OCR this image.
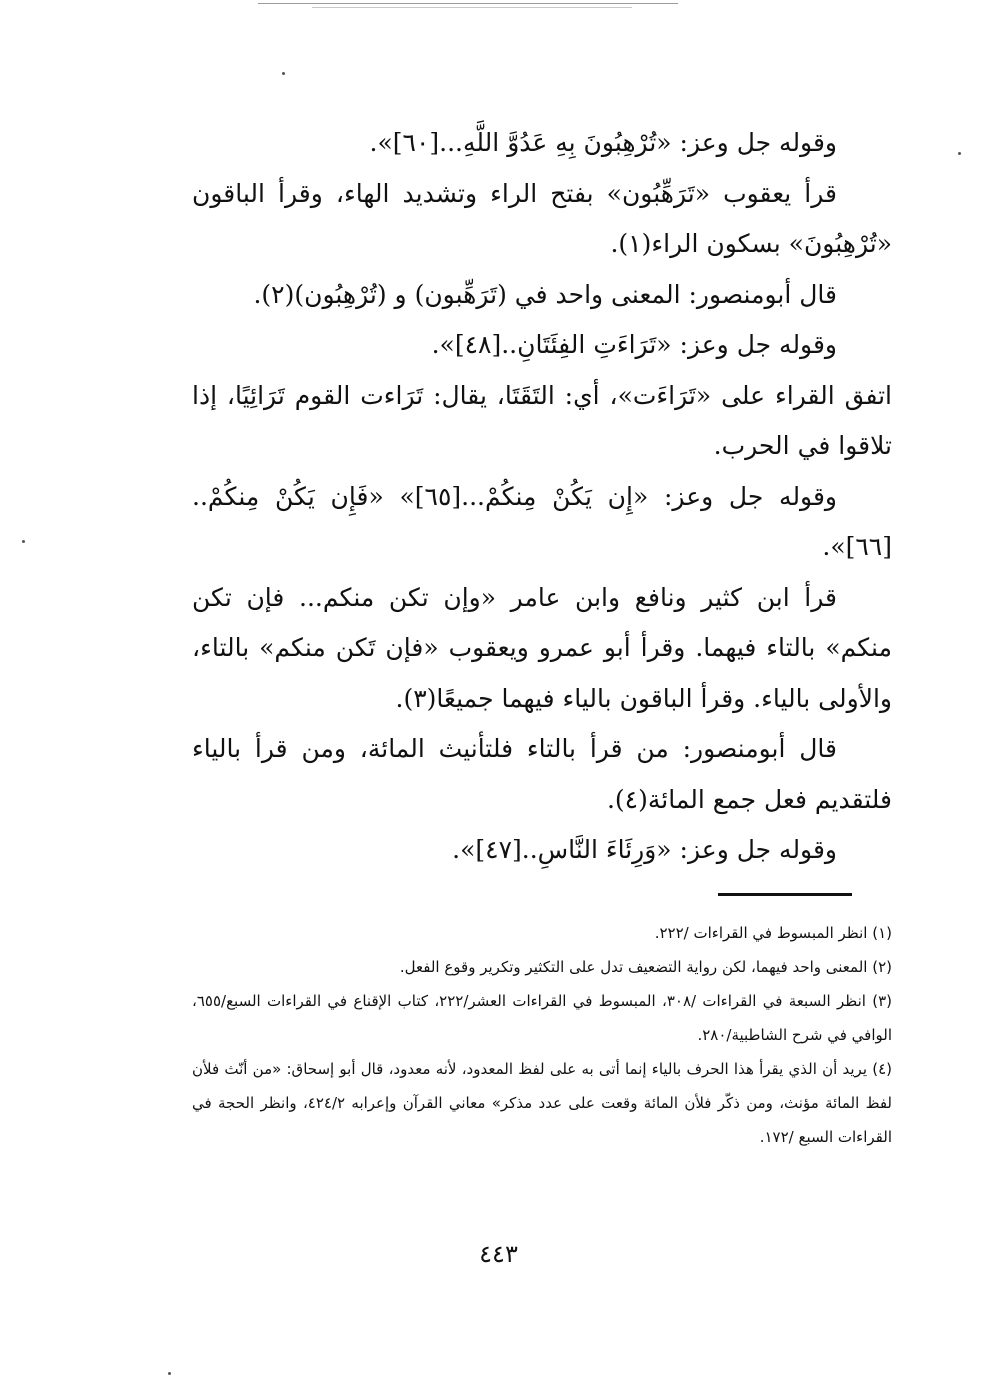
وقوله جل وعز: «تُرْهِبُونَ بِهِ عَدُوَّ اللَّهِ...[٦٠]».

قرأ يعقوب «تَرَهِّبُون» بفتح الراء وتشديد الهاء، وقرأ الباقون «تُرْهِبُونَ» بسكون الراء(١).

قال أبومنصور: المعنى واحد في (تَرَهِّبون) و (تُرْهِبُون)(٢).

وقوله جل وعز: «تَرَاءَتِ الفِئَتَانِ..[٤٨]».

اتفق القراء على «تَرَاءَت»، أي: التَقَتَا، يقال: تَرَاءت القوم تَرَائِيًا، إذا تلاقوا في الحرب.

وقوله جل وعز: «إِن يَكُنْ مِنكُمْ...[٦٥]» «فَإِن يَكُنْ مِنكُمْ..[٦٦]».

قرأ ابن كثير ونافع وابن عامر «وإن تكن منكم... فإن تكن منكم» بالتاء فيهما. وقرأ أبو عمرو ويعقوب «فإن تَكن منكم» بالتاء، والأولى بالياء. وقرأ الباقون بالياء فيهما جميعًا(٣).

قال أبومنصور: من قرأ بالتاء فلتأنيث المائة، ومن قرأ بالياء فلتقديم فعل جمع المائة(٤).

وقوله جل وعز: «وَرِئَاءَ النَّاسِ..[٤٧]».

(١) انظر المبسوط في القراءات /٢٢٢.

(٢) المعنى واحد فيهما، لكن رواية التضعيف تدل على التكثير وتكرير وقوع الفعل.

(٣) انظر السبعة في القراءات /٣٠٨، المبسوط في القراءات العشر/٢٢٢، كتاب الإقناع في القراءات السبع/٦٥٥، الوافي في شرح الشاطبية/٢٨٠.

(٤) يريد أن الذي يقرأ هذا الحرف بالياء إنما أتى به على لفظ المعدود، لأنه معدود، قال أبو إسحاق: «من أنّث فلأن لفظ المائة مؤنث، ومن ذكّر فلأن المائة وقعت على عدد مذكر» معاني القرآن وإعرابه ٤٢٤/٢، وانظر الحجة في القراءات السبع /١٧٢.

٤٤٣
